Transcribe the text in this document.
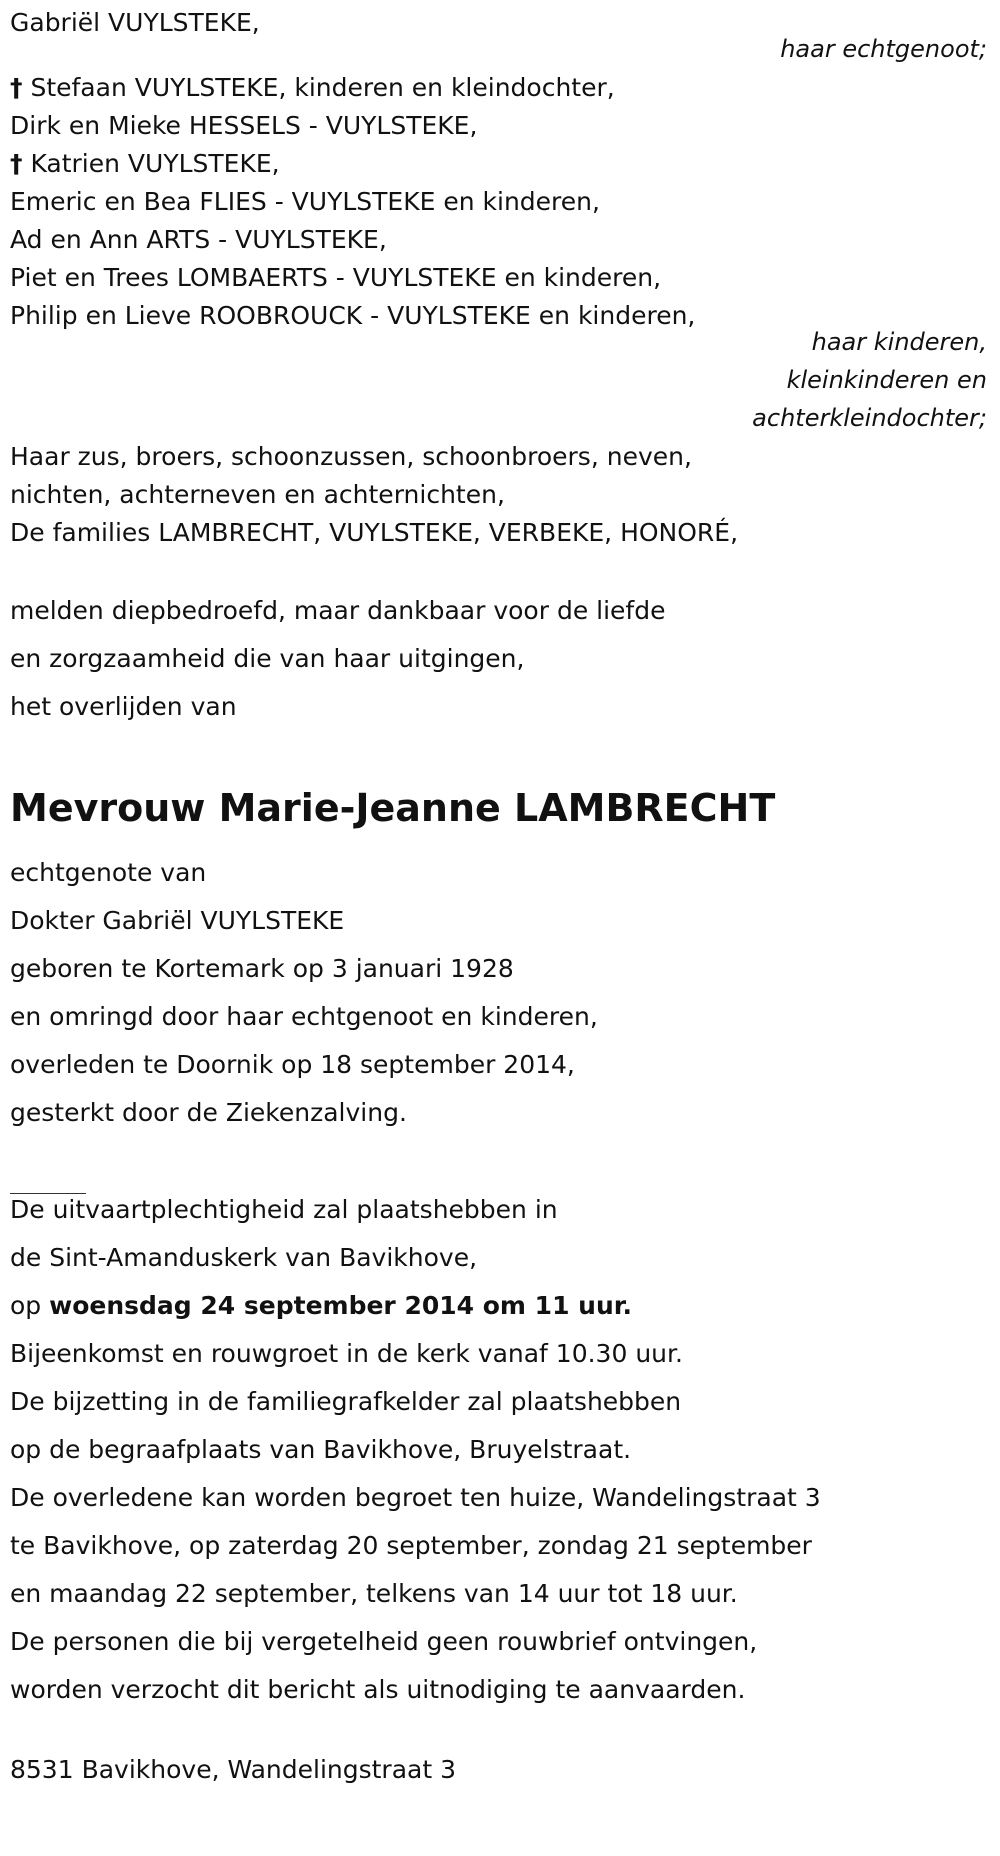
Gabriël VUYLSTEKE,

haar echtgenoot;

† Stefaan VUYLSTEKE, kinderen en kleindochter,

Dirk en Mieke HESSELS - VUYLSTEKE,

† Katrien VUYLSTEKE,

Emeric en Bea FLIES - VUYLSTEKE en kinderen,

Ad en Ann ARTS - VUYLSTEKE,

Piet en Trees LOMBAERTS - VUYLSTEKE en kinderen,

Philip en Lieve ROOBROUCK - VUYLSTEKE en kinderen,

haar kinderen,

kleinkinderen en

achterkleindochter;

Haar zus, broers, schoonzussen, schoonbroers, neven,

nichten, achterneven en achternichten,

De families LAMBRECHT, VUYLSTEKE, VERBEKE, HONORÉ,

melden diepbedroefd, maar dankbaar voor de liefde

en zorgzaamheid die van haar uitgingen,

het overlijden van

Mevrouw Marie-Jeanne LAMBRECHT

echtgenote van

Dokter Gabriël VUYLSTEKE

geboren te Kortemark op 3 januari 1928

en omringd door haar echtgenoot en kinderen,

overleden te Doornik op 18 september 2014,

gesterkt door de Ziekenzalving.

De uitvaartplechtigheid zal plaatshebben in

de Sint-Amanduskerk van Bavikhove,

op woensdag 24 september 2014 om 11 uur.

Bijeenkomst en rouwgroet in de kerk vanaf 10.30 uur.

De bijzetting in de familiegrafkelder zal plaatshebben

op de begraafplaats van Bavikhove, Bruyelstraat.

De overledene kan worden begroet ten huize, Wandelingstraat 3

te Bavikhove, op zaterdag 20 september, zondag 21 september

en maandag 22 september, telkens van 14 uur tot 18 uur.

De personen die bij vergetelheid geen rouwbrief ontvingen,

worden verzocht dit bericht als uitnodiging te aanvaarden.

8531 Bavikhove, Wandelingstraat 3
